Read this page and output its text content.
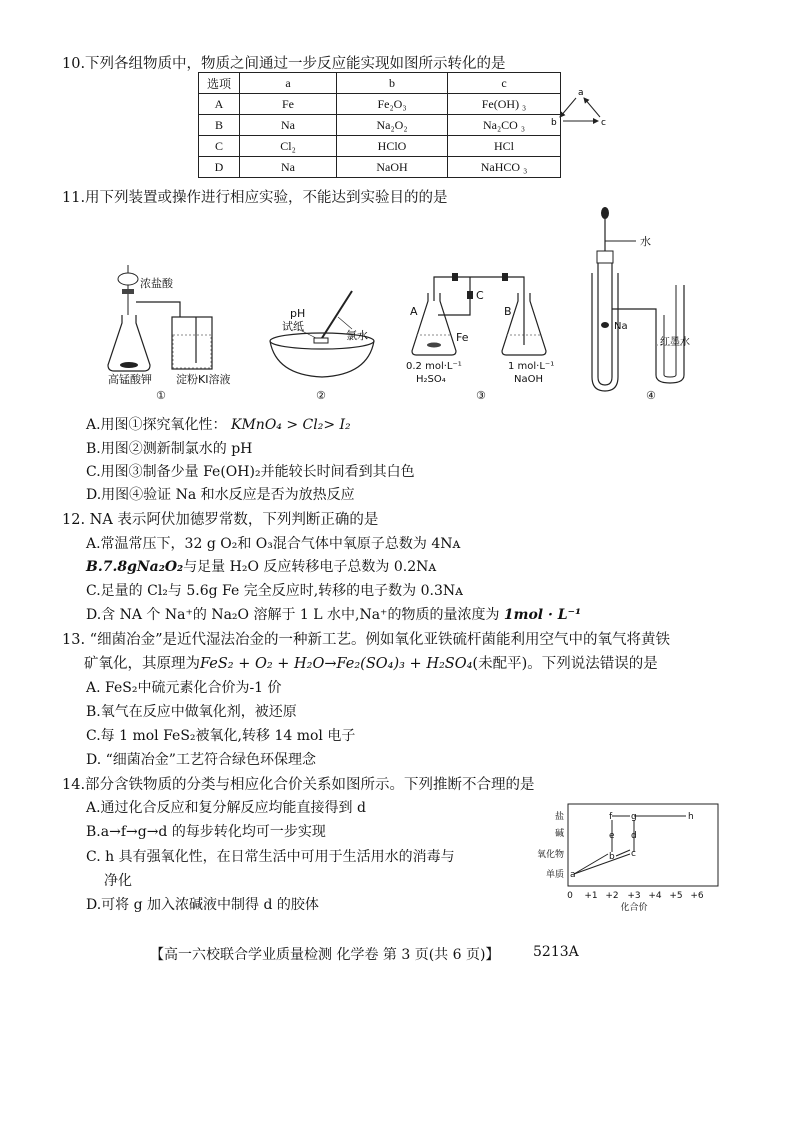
10.下列各组物质中，物质之间通过一步反应能实现如图所示转化的是
选项	a	b	c
A	Fe	Fe₂O₃	Fe(OH) ₃
B	Na	Na₂O₂	Na₂CO ₃
C	Cl₂	HClO	HCl
D	Na	NaOH	NaHCO ₃
a
b	c
11.用下列装置或操作进行相应实验，不能达到实验目的的是
浓盐酸
高锰酸钾 淀粉KI溶液
①
pH
试纸
氯水
②
A	B
C
Fe
0.2 mol·L⁻¹
H₂SO₄
1 mol·L⁻¹
NaOH
③
水
Na
红墨水
④
A.用图①探究氧化性： KMnO₄ > Cl₂> I₂
B.用图②测新制氯水的 pH
C.用图③制备少量 Fe(OH)₂并能较长时间看到其白色
D.用图④验证 Na 和水反应是否为放热反应
12. NA 表示阿伏加德罗常数，下列判断正确的是
A.常温常压下，32 g O₂和 O₃混合气体中氧原子总数为 4Nᴀ
B.7.8gNa₂O₂与足量 H₂O 反应转移电子总数为 0.2Nᴀ
C.足量的 Cl₂与 5.6g Fe 完全反应时,转移的电子数为 0.3Nᴀ
D.含 NA 个 Na⁺的 Na₂O 溶解于 1 L 水中,Na⁺的物质的量浓度为 1mol · L⁻¹
13. “细菌冶金”是近代湿法冶金的一种新工艺。例如氧化亚铁硫杆菌能利用空气中的氧气将黄铁
矿氧化，其原理为FeS₂ + O₂ + H₂O→Fe₂(SO₄)₃ + H₂SO₄(未配平)。下列说法错误的是
A. FeS₂中硫元素化合价为-1 价
B.氧气在反应中做氧化剂，被还原
C.每 1 mol FeS₂被氧化,转移 14 mol 电子
D. “细菌冶金”工艺符合绿色环保理念
14.部分含铁物质的分类与相应化合价关系如图所示。下列推断不合理的是
A.通过化合反应和复分解反应均能直接得到 d
B.a→f→g→d 的每步转化均可一步实现
C. h 具有强氧化性，在日常生活中可用于生活用水的消毒与
净化
D.可将 g 加入浓碱液中制得 d 的胶体
盐
碱
氧化物
单质
0 +1 +2 +3 +4 +5 +6
化合价
a
b c
d
e
f g	h
【高一六校联合学业质量检测 化学卷 第 3 页(共 6 页)】 5213A
